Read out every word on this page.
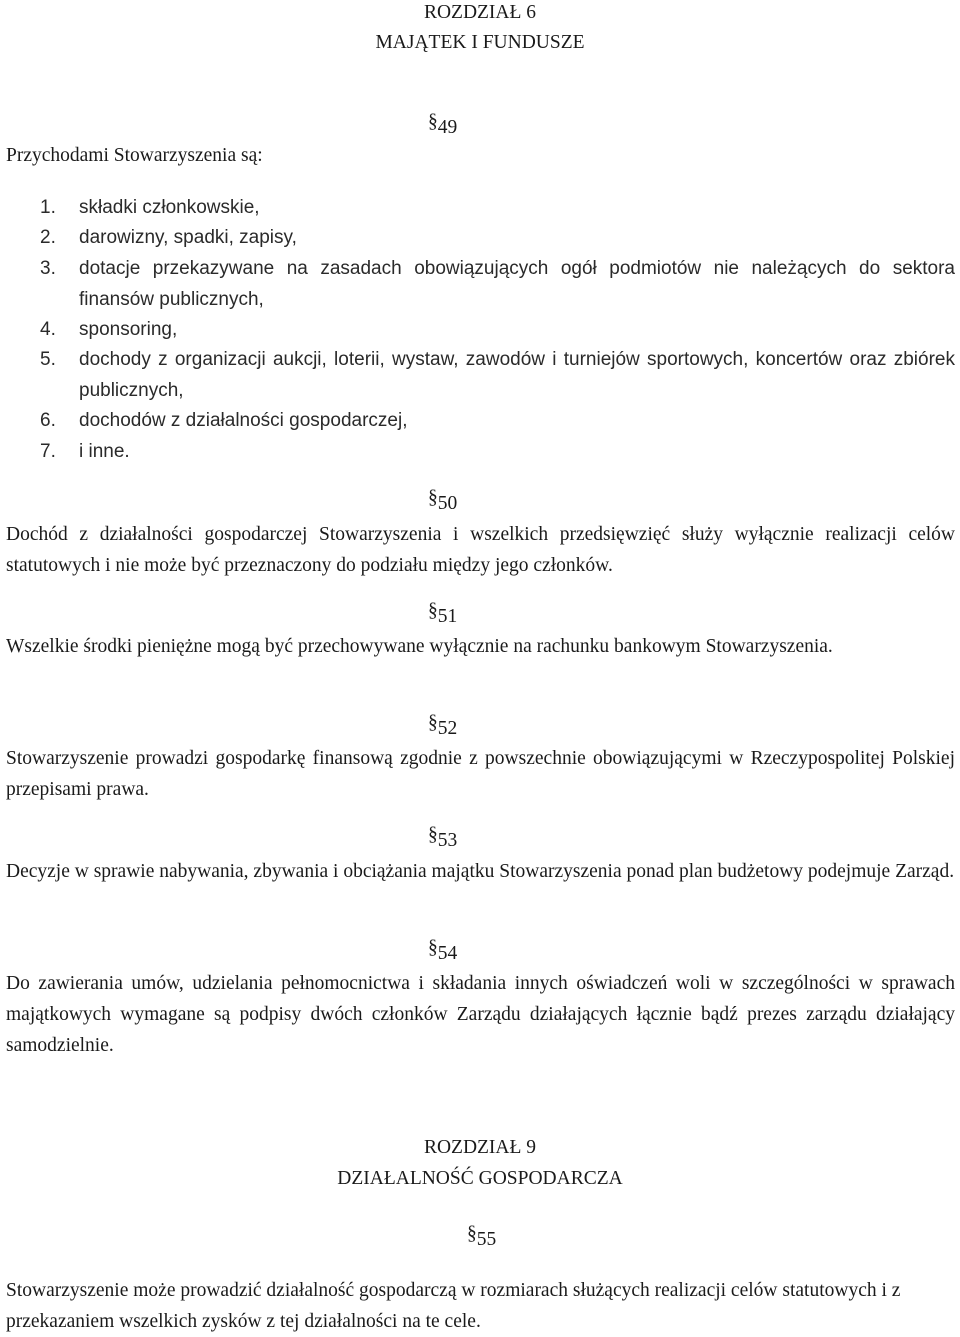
ROZDZIAŁ 6
MAJĄTEK I FUNDUSZE
§49
Przychodami Stowarzyszenia są:
1. składki członkowskie,
2. darowizny, spadki, zapisy,
3. dotacje przekazywane na zasadach obowiązujących ogół podmiotów nie należących do sektora finansów publicznych,
4. sponsoring,
5. dochody z organizacji aukcji, loterii, wystaw, zawodów i turniejów sportowych, koncertów oraz zbiórek publicznych,
6. dochodów z działalności gospodarczej,
7. i inne.
§50

Dochód z działalności gospodarczej Stowarzyszenia i wszelkich przedsięwzięć służy wyłącznie realizacji celów statutowych i nie może być przeznaczony do podziału między jego członków.

§51

Wszelkie środki pieniężne mogą być przechowywane wyłącznie na rachunku bankowym Stowarzyszenia.

§52

Stowarzyszenie prowadzi gospodarkę finansową zgodnie z powszechnie obowiązującymi w Rzeczypospolitej Polskiej przepisami prawa.

§53

Decyzje w sprawie nabywania, zbywania i obciążania majątku Stowarzyszenia ponad plan budżetowy podejmuje Zarząd.

§54

Do zawierania umów, udzielania pełnomocnictwa i składania innych oświadczeń woli w szczególności w sprawach majątkowych wymagane są podpisy dwóch członków Zarządu działających łącznie bądź prezes zarządu działający samodzielnie.

ROZDZIAŁ 9
DZIAŁALNOŚĆ GOSPODARCZA
§55

Stowarzyszenie może prowadzić działalność gospodarczą w rozmiarach służących realizacji celów statutowych i z przekazaniem wszelkich zysków z tej działalności na te cele.
